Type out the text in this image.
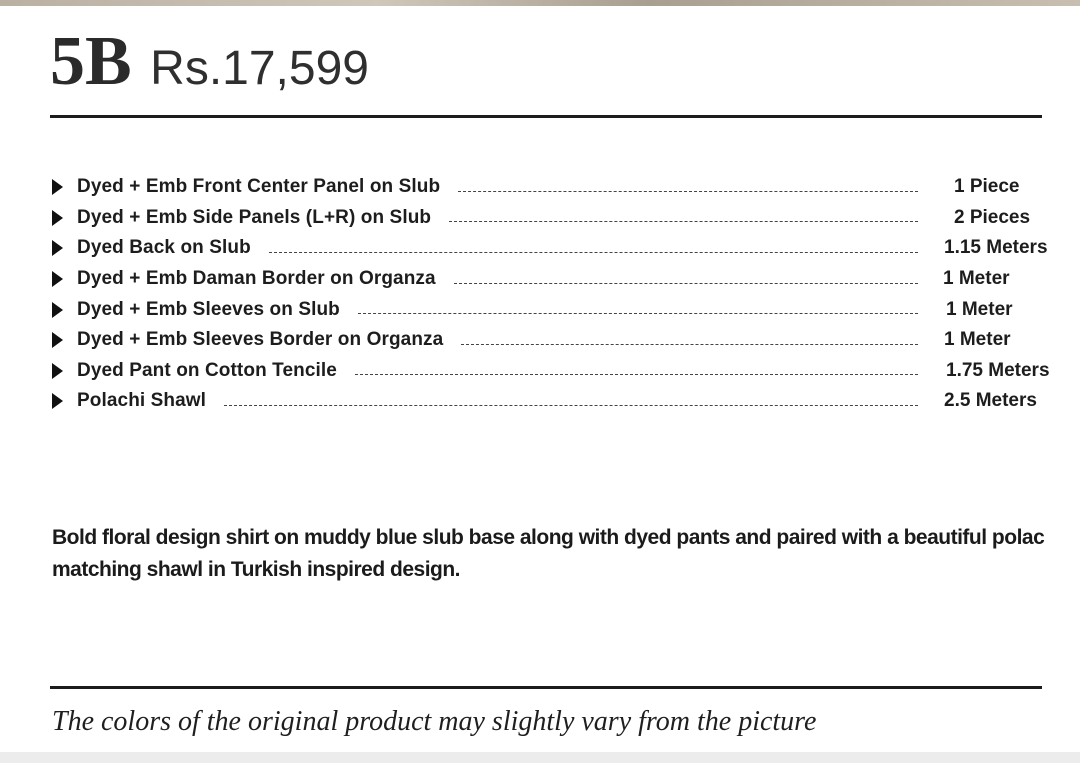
5B Rs.17,599
Dyed + Emb Front Center Panel on Slub	1 Piece
Dyed + Emb Side Panels (L+R) on Slub	2 Pieces
Dyed Back on Slub	1.15 Meters
Dyed + Emb Daman Border on Organza	1 Meter
Dyed + Emb Sleeves on Slub	1 Meter
Dyed + Emb Sleeves Border on Organza	1 Meter
Dyed Pant on Cotton Tencile	1.75 Meters
Polachi Shawl	2.5 Meters

Bold floral design shirt on muddy blue slub base along with dyed pants and paired with a beautiful polac
matching shawl in Turkish inspired design.

The colors of the original product may slightly vary from the picture
